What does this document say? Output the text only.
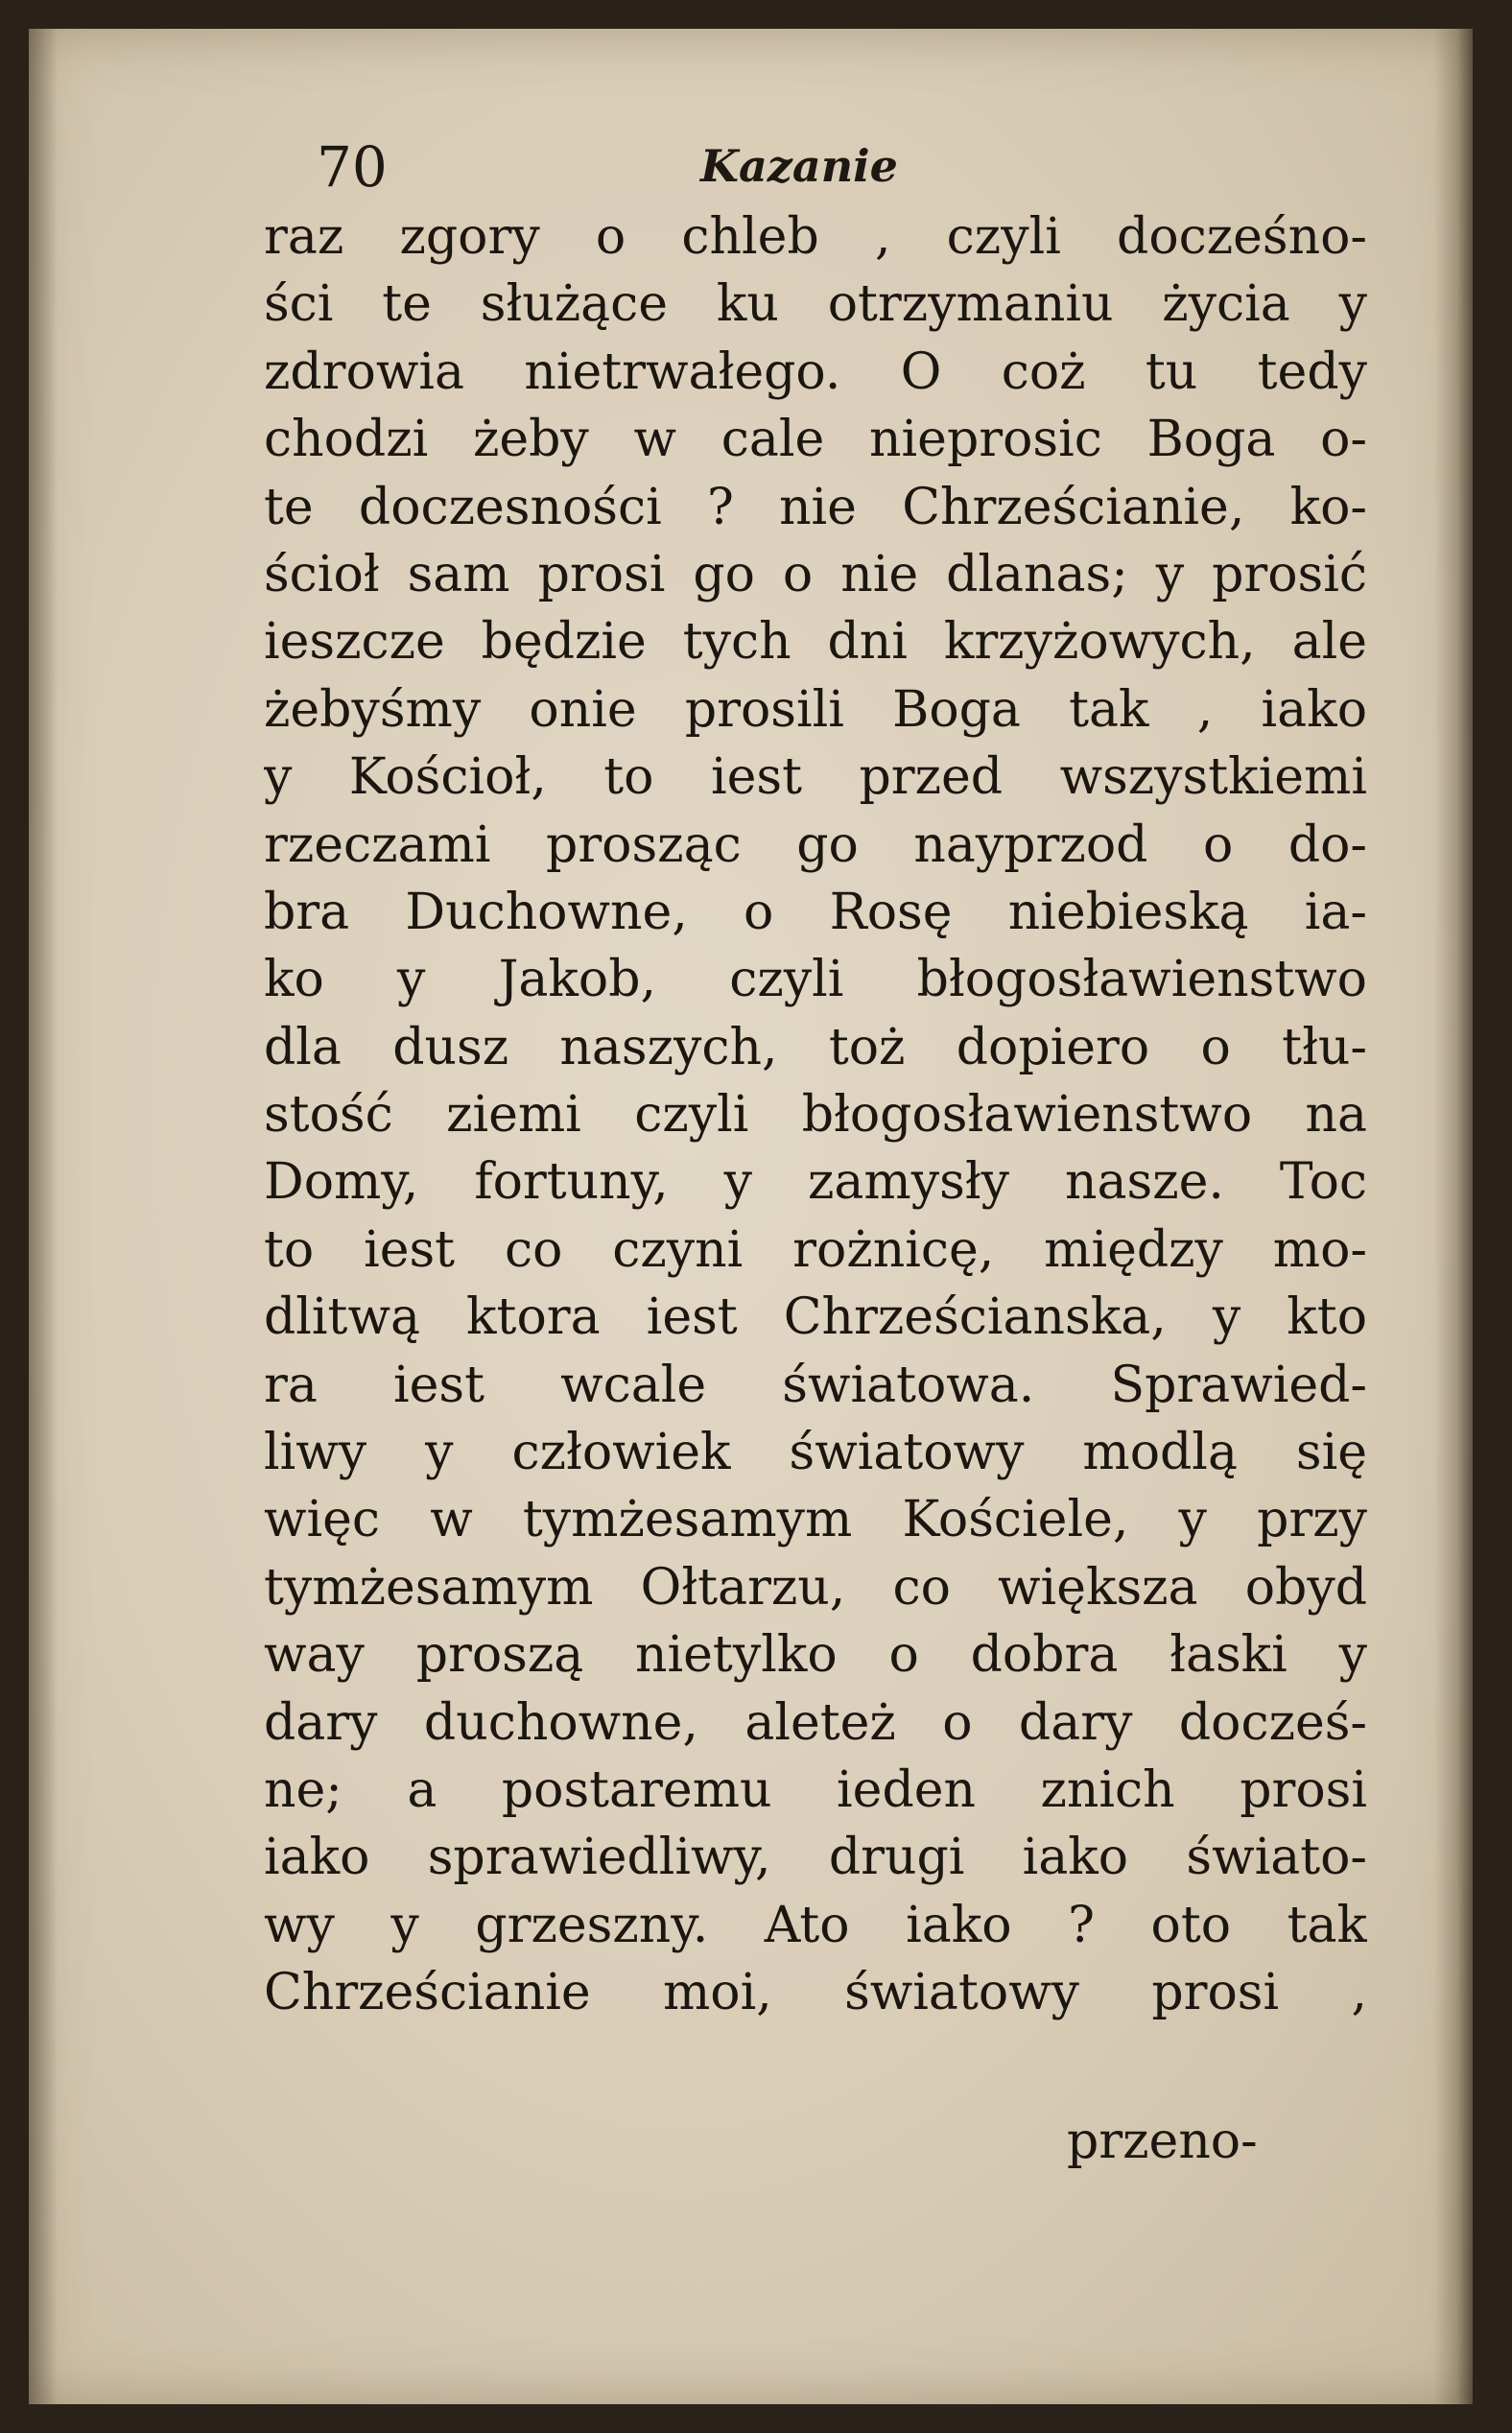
70	Kazanie
raz zgory o chleb , czyli docześno-
ści te służące ku otrzymaniu życia y
zdrowia nietrwałego. O coż tu tedy
chodzi żeby w cale nieprosic Boga o-
te doczesności ? nie Chrześcianie, ko-
ścioł sam prosi go o nie dlanas; y prosić
ieszcze będzie tych dni krzyżowych, ale
żebyśmy onie prosili Boga tak , iako
y Kościoł, to iest przed wszystkiemi
rzeczami prosząc go nayprzod o do-
bra Duchowne, o Rosę niebieską ia-
ko y Jakob, czyli błogosławienstwo
dla dusz naszych, toż dopiero o tłu-
stość ziemi czyli błogosławienstwo na
Domy, fortuny, y zamysły nasze. Toc
to iest co czyni rożnicę, między mo-
dlitwą ktora iest Chrześcianska, y kto
ra iest wcale światowa. Sprawied-
liwy y człowiek światowy modlą się
więc w tymżesamym Kościele, y przy
tymżesamym Ołtarzu, co większa obyd
way proszą nietylko o dobra łaski y
dary duchowne, aleteż o dary docześ-
ne; a postaremu ieden znich prosi
iako sprawiedliwy, drugi iako świato-
wy y grzeszny. Ato iako ? oto tak
Chrześcianie moi, światowy prosi ,
przeno-
